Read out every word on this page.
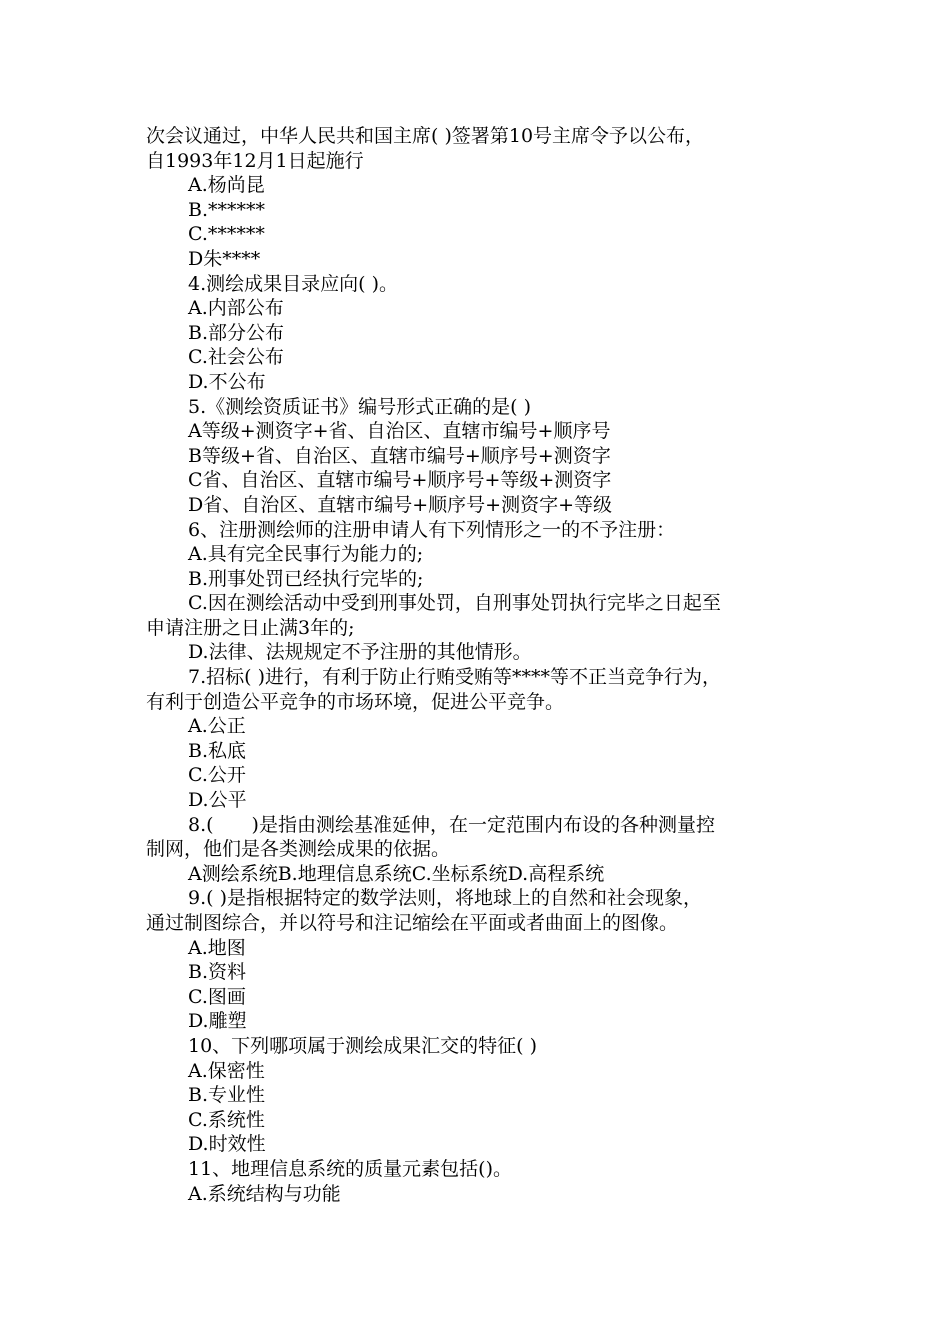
次会议通过，中华人民共和国主席( )签署第10号主席令予以公布，
自1993年12月1日起施行
A.杨尚昆
B.******
C.******
D朱****
4.测绘成果目录应向( )。
A.内部公布
B.部分公布
C.社会公布
D.不公布
5.《测绘资质证书》编号形式正确的是( )
A等级+测资字+省、自治区、直辖市编号+顺序号
B等级+省、自治区、直辖市编号+顺序号+测资字
C省、自治区、直辖市编号+顺序号+等级+测资字
D省、自治区、直辖市编号+顺序号+测资字+等级
6、注册测绘师的注册申请人有下列情形之一的不予注册：
A.具有完全民事行为能力的;
B.刑事处罚已经执行完毕的;
C.因在测绘活动中受到刑事处罚，自刑事处罚执行完毕之日起至
申请注册之日止满3年的;
D.法律、法规规定不予注册的其他情形。
7.招标( )进行，有利于防止行贿受贿等****等不正当竞争行为，
有利于创造公平竞争的市场环境，促进公平竞争。
A.公正
B.私底
C.公开
D.公平
8.(　　)是指由测绘基准延伸，在一定范围内布设的各种测量控
制网，他们是各类测绘成果的依据。
A测绘系统B.地理信息系统C.坐标系统D.高程系统
9.( )是指根据特定的数学法则，将地球上的自然和社会现象，
通过制图综合，并以符号和注记缩绘在平面或者曲面上的图像。
A.地图
B.资料
C.图画
D.雕塑
10、下列哪项属于测绘成果汇交的特征( )
A.保密性
B.专业性
C.系统性
D.时效性
11、地理信息系统的质量元素包括()。
A.系统结构与功能
